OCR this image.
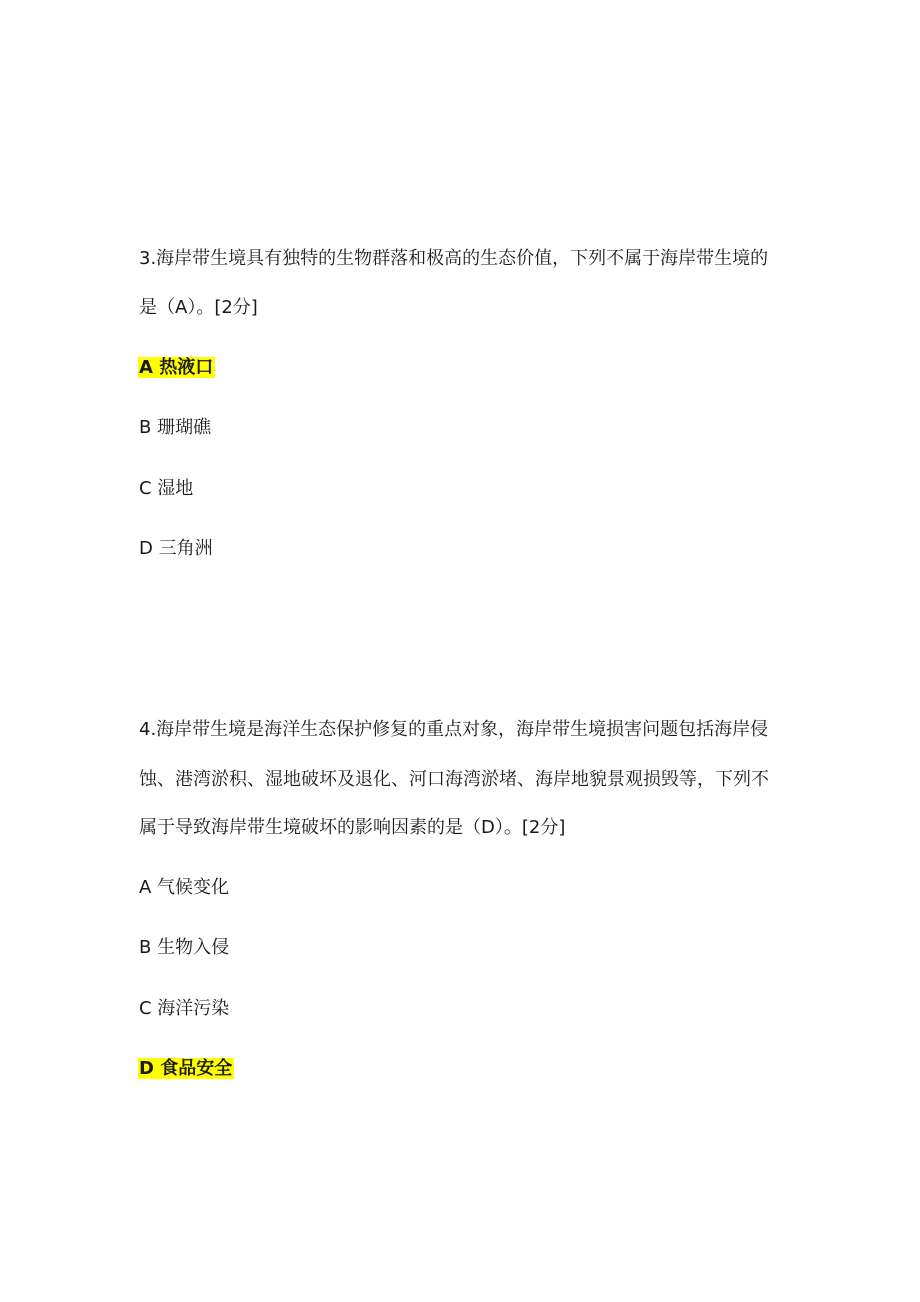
3.海岸带生境具有独特的生物群落和极高的生态价值，下列不属于海岸带生境的
是（A）。[2分]
A 热液口
B 珊瑚礁
C 湿地
D 三角洲
4.海岸带生境是海洋生态保护修复的重点对象，海岸带生境损害问题包括海岸侵
蚀、港湾淤积、湿地破坏及退化、河口海湾淤堵、海岸地貌景观损毁等，下列不
属于导致海岸带生境破坏的影响因素的是（D）。[2分]
A 气候变化
B 生物入侵
C 海洋污染
D 食品安全
